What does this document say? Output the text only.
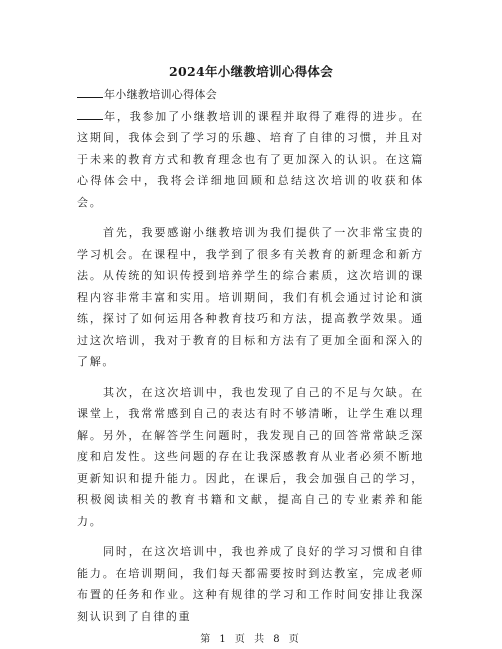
2024年小继教培训心得体会
年小继教培训心得体会

年，我参加了小继教培训的课程并取得了难得的进步。在这期间，我体会到了学习的乐趣、培育了自律的习惯，并且对于未来的教育方式和教育理念也有了更加深入的认识。在这篇心得体会中，我将会详细地回顾和总结这次培训的收获和体会。

首先，我要感谢小继教培训为我们提供了一次非常宝贵的学习机会。在课程中，我学到了很多有关教育的新理念和新方法。从传统的知识传授到培养学生的综合素质，这次培训的课程内容非常丰富和实用。培训期间，我们有机会通过讨论和演练，探讨了如何运用各种教育技巧和方法，提高教学效果。通过这次培训，我对于教育的目标和方法有了更加全面和深入的了解。

其次，在这次培训中，我也发现了自己的不足与欠缺。在课堂上，我常常感到自己的表达有时不够清晰，让学生难以理解。另外，在解答学生问题时，我发现自己的回答常常缺乏深度和启发性。这些问题的存在让我深感教育从业者必须不断地更新知识和提升能力。因此，在课后，我会加强自己的学习，积极阅读相关的教育书籍和文献，提高自己的专业素养和能力。

同时，在这次培训中，我也养成了良好的学习习惯和自律能力。在培训期间，我们每天都需要按时到达教室，完成老师布置的任务和作业。这种有规律的学习和工作时间安排让我深刻认识到了自律的重

第 1 页 共 8 页
